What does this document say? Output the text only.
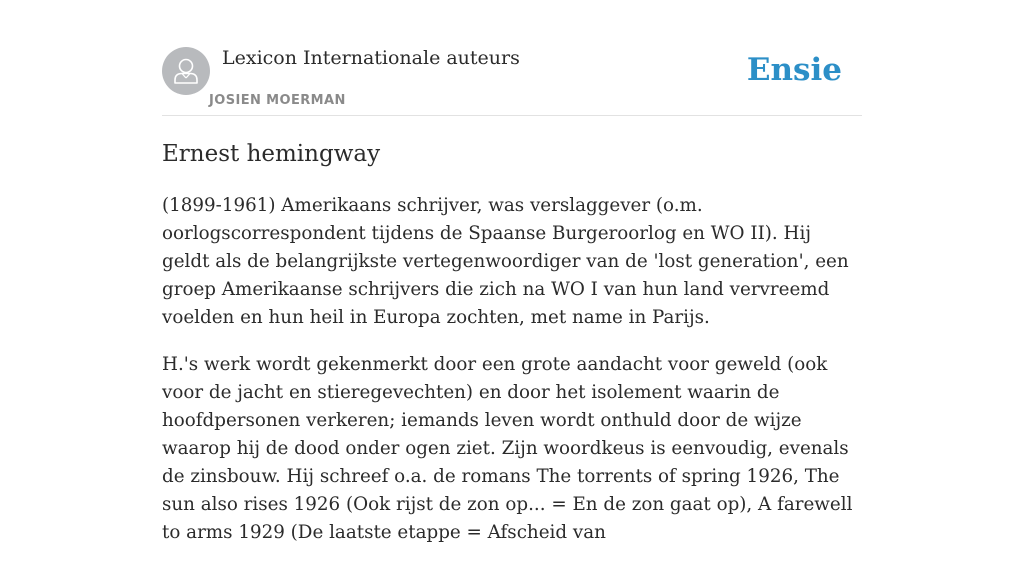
Lexicon Internationale auteurs
JOSIEN MOERMAN
Ensie
Ernest hemingway

(1899-1961) Amerikaans schrijver, was verslaggever (o.m. oorlogscorrespondent tijdens de Spaanse Burgeroorlog en WO II). Hij geldt als de belangrijkste vertegenwoordiger van de 'lost generation', een groep Amerikaanse schrijvers die zich na WO I van hun land vervreemd voelden en hun heil in Europa zochten, met name in Parijs.

H.'s werk wordt gekenmerkt door een grote aandacht voor geweld (ook voor de jacht en stieregevechten) en door het isolement waarin de hoofdpersonen verkeren; iemands leven wordt onthuld door de wijze waarop hij de dood onder ogen ziet. Zijn woordkeus is eenvoudig, evenals de zinsbouw. Hij schreef o.a. de romans The torrents of spring 1926, The sun also rises 1926 (Ook rijst de zon op... = En de zon gaat op), A farewell to arms 1929 (De laatste etappe = Afscheid van
